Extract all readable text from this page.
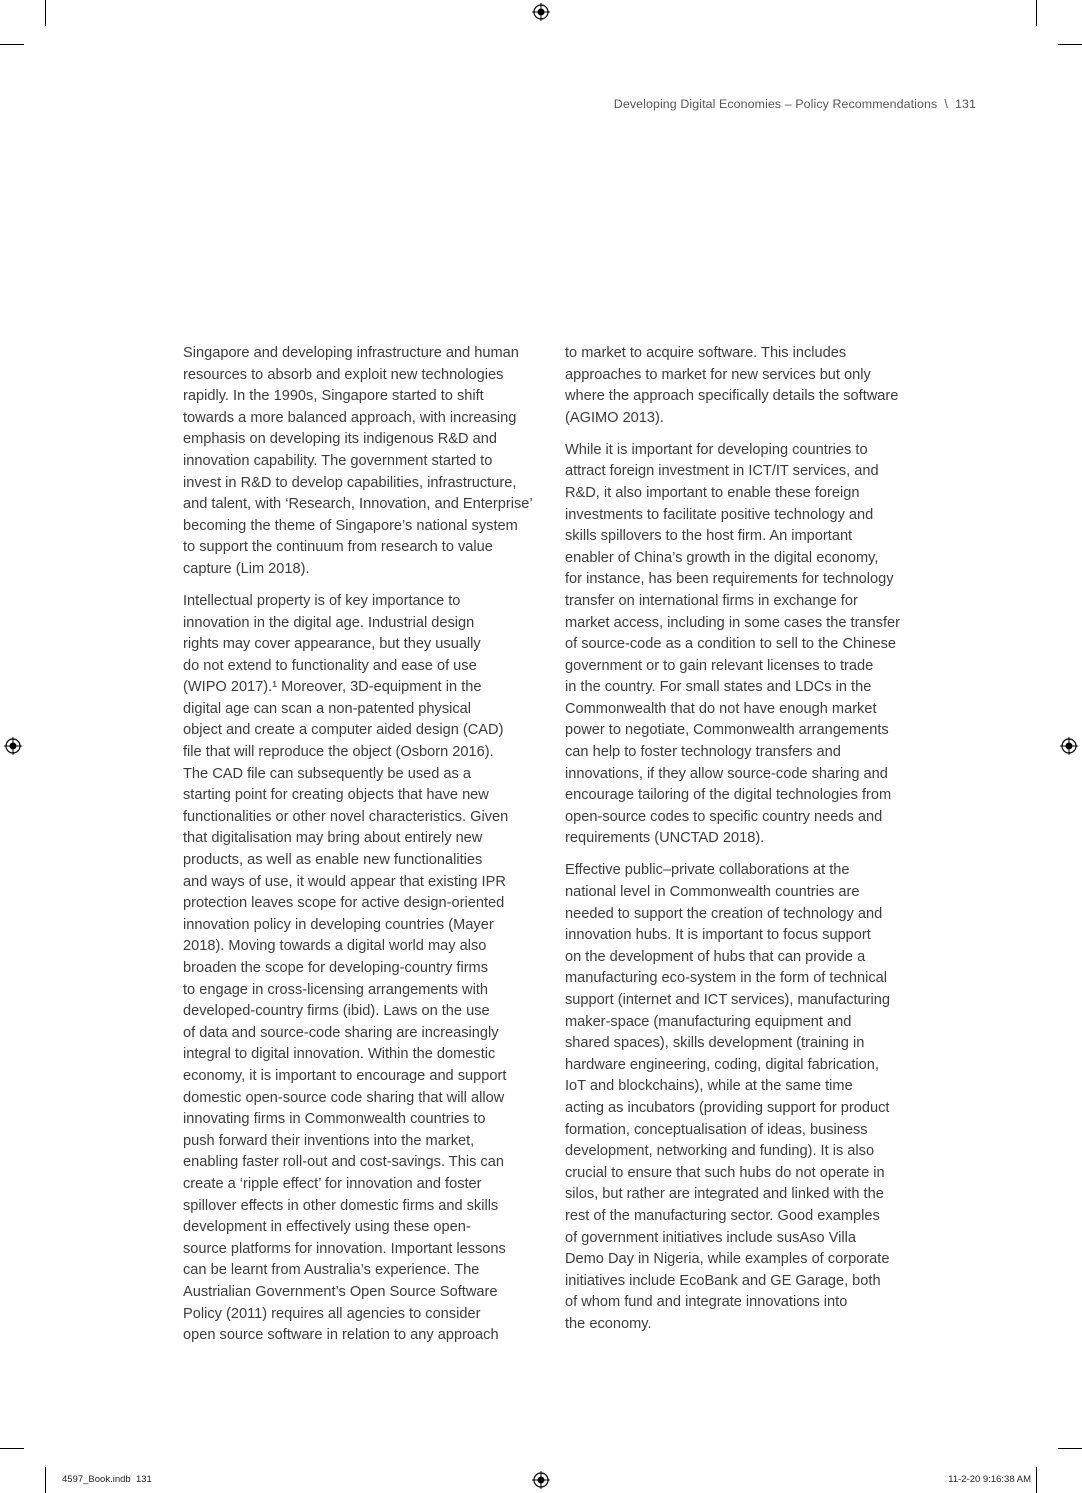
Developing Digital Economies – Policy Recommendations  \  131

Singapore and developing infrastructure and human
resources to absorb and exploit new technologies
rapidly. In the 1990s, Singapore started to shift
towards a more balanced approach, with increasing
emphasis on developing its indigenous R&D and
innovation capability. The government started to
invest in R&D to develop capabilities, infrastructure,
and talent, with ‘Research, Innovation, and Enterprise’
becoming the theme of Singapore’s national system
to support the continuum from research to value
capture (Lim 2018).

Intellectual property is of key importance to
innovation in the digital age. Industrial design
rights may cover appearance, but they usually
do not extend to functionality and ease of use
(WIPO 2017).¹ Moreover, 3D-equipment in the
digital age can scan a non-patented physical
object and create a computer aided design (CAD)
file that will reproduce the object (Osborn 2016).
The CAD file can subsequently be used as a
starting point for creating objects that have new
functionalities or other novel characteristics. Given
that digitalisation may bring about entirely new
products, as well as enable new functionalities
and ways of use, it would appear that existing IPR
protection leaves scope for active design-oriented
innovation policy in developing countries (Mayer
2018). Moving towards a digital world may also
broaden the scope for developing-country firms
to engage in cross-licensing arrangements with
developed-country firms (ibid). Laws on the use
of data and source-code sharing are increasingly
integral to digital innovation. Within the domestic
economy, it is important to encourage and support
domestic open-source code sharing that will allow
innovating firms in Commonwealth countries to
push forward their inventions into the market,
enabling faster roll-out and cost-savings. This can
create a ‘ripple effect’ for innovation and foster
spillover effects in other domestic firms and skills
development in effectively using these open-
source platforms for innovation. Important lessons
can be learnt from Australia’s experience. The
Austrialian Government’s Open Source Software
Policy (2011) requires all agencies to consider
open source software in relation to any approach

to market to acquire software. This includes
approaches to market for new services but only
where the approach specifically details the software
(AGIMO 2013).

While it is important for developing countries to
attract foreign investment in ICT/IT services, and
R&D, it also important to enable these foreign
investments to facilitate positive technology and
skills spillovers to the host firm. An important
enabler of China’s growth in the digital economy,
for instance, has been requirements for technology
transfer on international firms in exchange for
market access, including in some cases the transfer
of source-code as a condition to sell to the Chinese
government or to gain relevant licenses to trade
in the country. For small states and LDCs in the
Commonwealth that do not have enough market
power to negotiate, Commonwealth arrangements
can help to foster technology transfers and
innovations, if they allow source-code sharing and
encourage tailoring of the digital technologies from
open-source codes to specific country needs and
requirements (UNCTAD 2018).

Effective public–private collaborations at the
national level in Commonwealth countries are
needed to support the creation of technology and
innovation hubs. It is important to focus support
on the development of hubs that can provide a
manufacturing eco-system in the form of technical
support (internet and ICT services), manufacturing
maker-space (manufacturing equipment and
shared spaces), skills development (training in
hardware engineering, coding, digital fabrication,
IoT and blockchains), while at the same time
acting as incubators (providing support for product
formation, conceptualisation of ideas, business
development, networking and funding). It is also
crucial to ensure that such hubs do not operate in
silos, but rather are integrated and linked with the
rest of the manufacturing sector. Good examples
of government initiatives include susAso Villa
Demo Day in Nigeria, while examples of corporate
initiatives include EcoBank and GE Garage, both
of whom fund and integrate innovations into
the economy.

4597_Book.indb 131	11-2-20 9:16:38 AM
